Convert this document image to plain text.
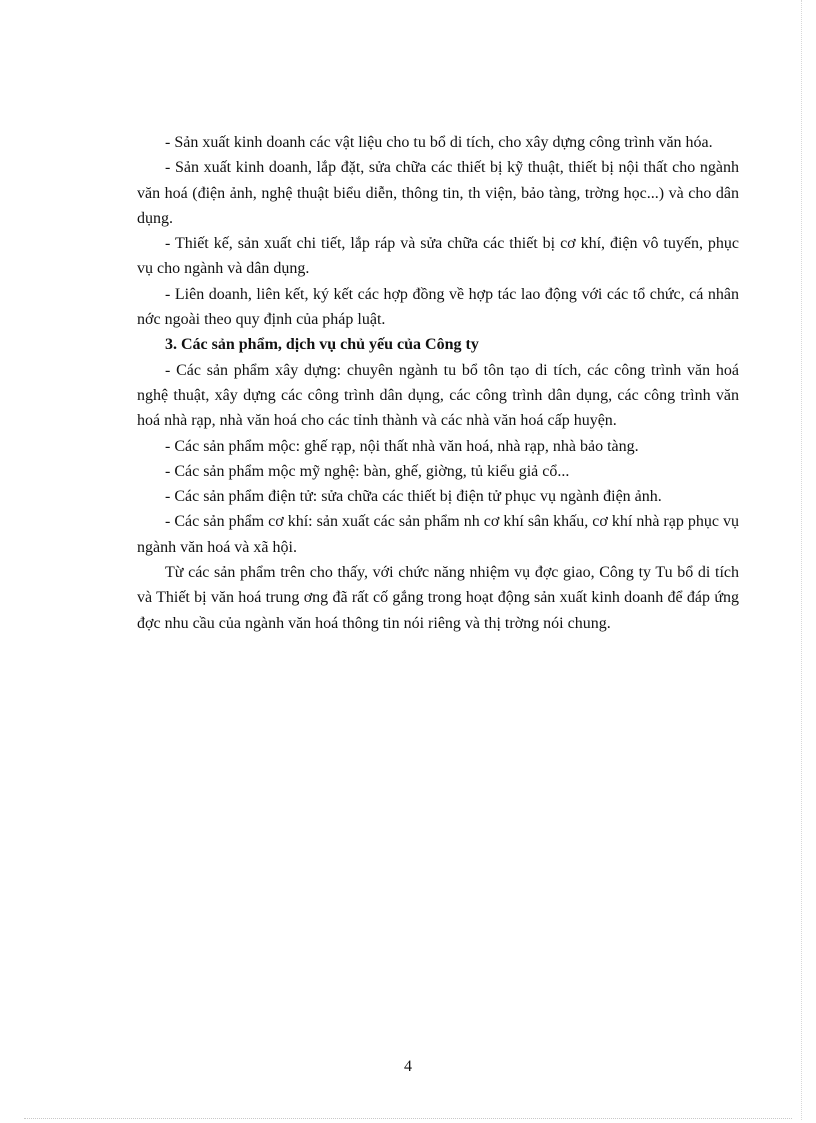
- Sản xuất kinh doanh các vật liệu cho tu bổ di tích, cho xây dựng công trình văn hóa.

- Sản xuất kinh doanh, lắp đặt, sửa chữa các thiết bị kỹ thuật, thiết bị nội thất cho ngành văn hoá (điện ảnh, nghệ thuật biểu diễn, thông tin, th viện, bảo tàng, trờng học...) và cho dân dụng.

- Thiết kế, sản xuất chi tiết, lắp ráp và sửa chữa các thiết bị cơ khí, điện vô tuyến, phục vụ cho ngành và dân dụng.

- Liên doanh, liên kết, ký kết các hợp đồng về hợp tác lao động với các tổ chức, cá nhân nớc ngoài theo quy định của pháp luật.

3. Các sản phẩm, dịch vụ chủ yếu của Công ty

- Các sản phẩm xây dựng: chuyên ngành tu bổ tôn tạo di tích, các công trình văn hoá nghệ thuật, xây dựng các công trình dân dụng, các công trình dân dụng, các công trình văn hoá nhà rạp, nhà văn hoá cho các tỉnh thành và các nhà văn hoá cấp huyện.

- Các sản phẩm mộc: ghế rạp, nội thất nhà văn hoá, nhà rạp, nhà bảo tàng.

- Các sản phẩm mộc mỹ nghệ: bàn, ghế, giờng, tủ kiểu giả cổ...

- Các sản phẩm điện tử: sửa chữa các thiết bị điện tử phục vụ ngành điện ảnh.

- Các sản phẩm cơ khí: sản xuất các sản phẩm nh cơ khí sân khấu, cơ khí nhà rạp phục vụ ngành văn hoá và xã hội.

Từ các sản phẩm trên cho thấy, với chức năng nhiệm vụ đợc giao, Công ty Tu bổ di tích và Thiết bị văn hoá trung ơng đã rất cố gắng trong hoạt động sản xuất kinh doanh để đáp ứng đợc nhu cầu của ngành văn hoá thông tin nói riêng và thị trờng nói chung.

4
